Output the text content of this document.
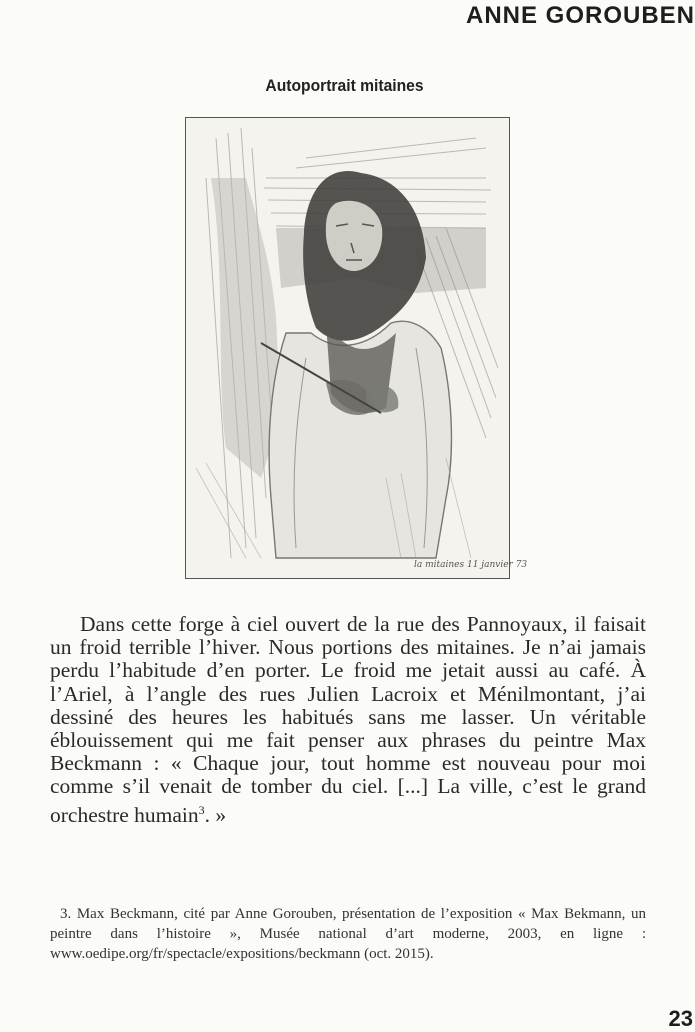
ANNE GOROUBEN
Autoportrait mitaines
la mitaines 11 janvier 73

Dans cette forge à ciel ouvert de la rue des Pannoyaux, il faisait un froid terrible l’hiver. Nous portions des mitaines. Je n’ai jamais perdu l’habitude d’en porter. Le froid me jetait aussi au café. À l’Ariel, à l’angle des rues Julien Lacroix et Ménilmontant, j’ai dessiné des heures les habitués sans me lasser. Un véritable éblouissement qui me fait penser aux phrases du peintre Max Beckmann : « Chaque jour, tout homme est nouveau pour moi comme s’il venait de tomber du ciel. [...] La ville, c’est le grand orchestre humain$^3$. »

3. Max Beckmann, cité par Anne Gorouben, présentation de l’exposition « Max Bekmann, un peintre dans l’histoire », Musée national d’art moderne, 2003, en ligne : www.oedipe.org/fr/spectacle/expositions/beckmann (oct. 2015).

23
